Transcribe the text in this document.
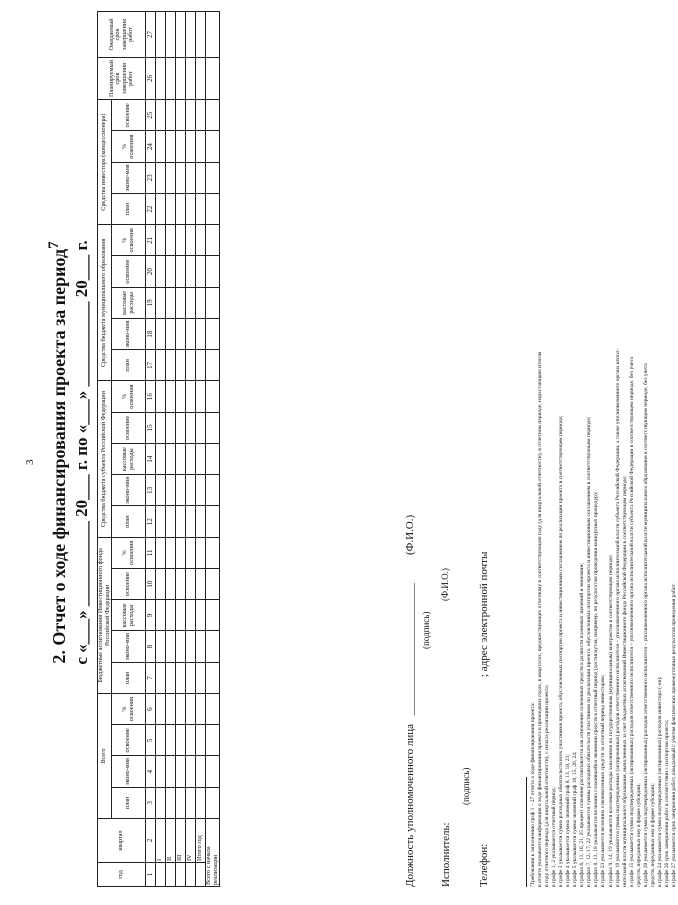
3 2. Отчет о ходе финансирования проекта за период$^7$ с «___» __________ 20___ г. по «___» __________ 20___ г.
год	квартал	Всего				Бюджетные ассигнования Инвестиционного фонда Российской Федерации					Средства бюджета субъекта Российской Федерации					Средства бюджета муниципального образования					Средства инвестора (концессионера)				Планируемый срок завершения работ	Ожидаемый срок завершения работ
		план	эконо-мия	освоение	% освоения	план	эконо-мия	кассовые расходы	освоение	% освоения	план	эконо-мия	кассовые расходы	освоение	% освоения	план	эконо-мия	кассовые расходы	освоение	% освоения	план	эконо-мия	% освоения	освоение		
1	2	3	4	5	6	7	8	9	10	11	12	13	14	15	16	17	18	19	20	21	22	23	24	25	26	27
	I																									
	II																									
	III																									
	IV																									
	Итого год																									
Всего с начала реализации																											Должность уполномоченного лица
________________________
(Ф.И.О.)
(подпись)
Исполнитель:
(Ф.И.О.)
Телефон:
(подпись)
; адрес электронной почты
⁷Требования к заполнению граф 1 – 27 отчета о ходе финансирования проекта: в отчете указывается информация о ходе финансирования проекта в прошедших годах, в кварталах, предшествующих отчетному в соответствующем году (для квартальной отчетности), в отчетном периоде, нарастающим итогом в году отчетного периода (для квартальной отчетности), с начала реализации проекта; в графе 1, 2 указывается отчетный период; в графе 3 указывается сумма расходных обязательств всех участников проекта, обусловленных паспортом проекта и инвестиционным соглашением по реализации проекта в соответствующем периоде; в графе 4 указывается сумма значений граф 8, 13, 18, 23; в графе 5 указывается сумма значений граф 10, 15, 20, 24; в графах 6, 11, 16, 21, 25 процент освоения рассчитывается как отношение освоенных средств к разности плановых значений и экономии; в графах 7, 12, 17, 22 указываются суммы расходных обязательств участников по реализации проекта, обусловленных паспортом проекта и инвестиционным соглашением в соответствующем периоде; в графах 8, 13, 18 указывается величина сложившейся экономии средств в отчетный период (достигнутая, например, по результатам проведения конкурсных процедур); в графе 23 указывается величина сэкономленных средств за отчетный период инвестором; в графах 9, 14, 19 указываются кассовые расходы заказчиков по государственным (муниципальным) контрактам в соответствующем периоде; в графе 10 указываются суммы подтвержденных (актированных) расходов ответственного исполнителя – уполномоченного органа исполнительной власти субъекта Российской Федерации, а также уполномоченного органа испол- нительной власти муниципального образования, выполненных за счет бюджетных ассигнований Инвестиционного фонда Российской Федерации в соответствующем периоде; в графе 15 указывается сумма подтвержденных (актированных) расходов ответственного исполнителя – уполномоченного органа исполнительной власти субъекта Российской Федерации в соответствующем периоде, без учета средств, переданных ему в форме субсидии; в графе 20 указывается сумма подтвержденных (актированных) расходов ответственного исполнителя – уполномоченного органа исполнительной власти муниципального образования в соответствующем периоде, без учета средств, переданных ему в форме субсидии; в графе 24 указывается сумма подтвержденных (актированных) расходов инвестора (-ов); в графе 26 срок завершения работ в соответствии с паспортом проекта; в графе 27 указывается срок завершения работ, ожидаемый с учетом фактических промежуточных результатов проведения работ.
